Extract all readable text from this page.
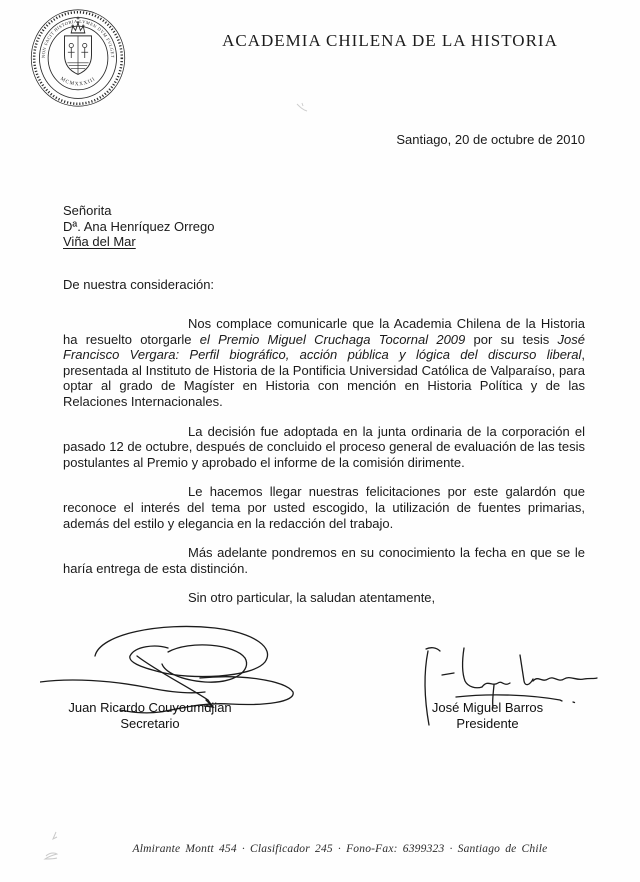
NON FACIT HISTORIA LVMEN DVM FVLGET
MCMXXXIII
ACADEMIA CHILENA DE LA HISTORIA
Santiago, 20 de octubre de 2010
Señorita
Dª. Ana Henríquez Orrego
Viña del Mar
De nuestra consideración:

Nos complace comunicarle que la Academia Chilena de la Historia ha resuelto otorgarle el Premio Miguel Cruchaga Tocornal 2009 por su tesis José Francisco Vergara: Perfil biográfico, acción pública y lógica del discurso liberal, presentada al Instituto de Historia de la Pontificia Universidad Católica de Valparaíso, para optar al grado de Magíster en Historia con mención en Historia Política y de las Relaciones Internacionales.

La decisión fue adoptada en la junta ordinaria de la corporación el pasado 12 de octubre, después de concluido el proceso general de evaluación de las tesis postulantes al Premio y aprobado el informe de la comisión dirimente.

Le hacemos llegar nuestras felicitaciones por este galardón que reconoce el interés del tema por usted escogido, la utilización de fuentes primarias, además del estilo y elegancia en la redacción del trabajo.

Más adelante pondremos en su conocimiento la fecha en que se le haría entrega de esta distinción.

Sin otro particular, la saludan atentamente,

Juan Ricardo Couyoumdjian
Secretario
José Miguel Barros
Presidente
Almirante Montt 454 · Clasificador 245 · Fono-Fax: 6399323 · Santiago de Chile
